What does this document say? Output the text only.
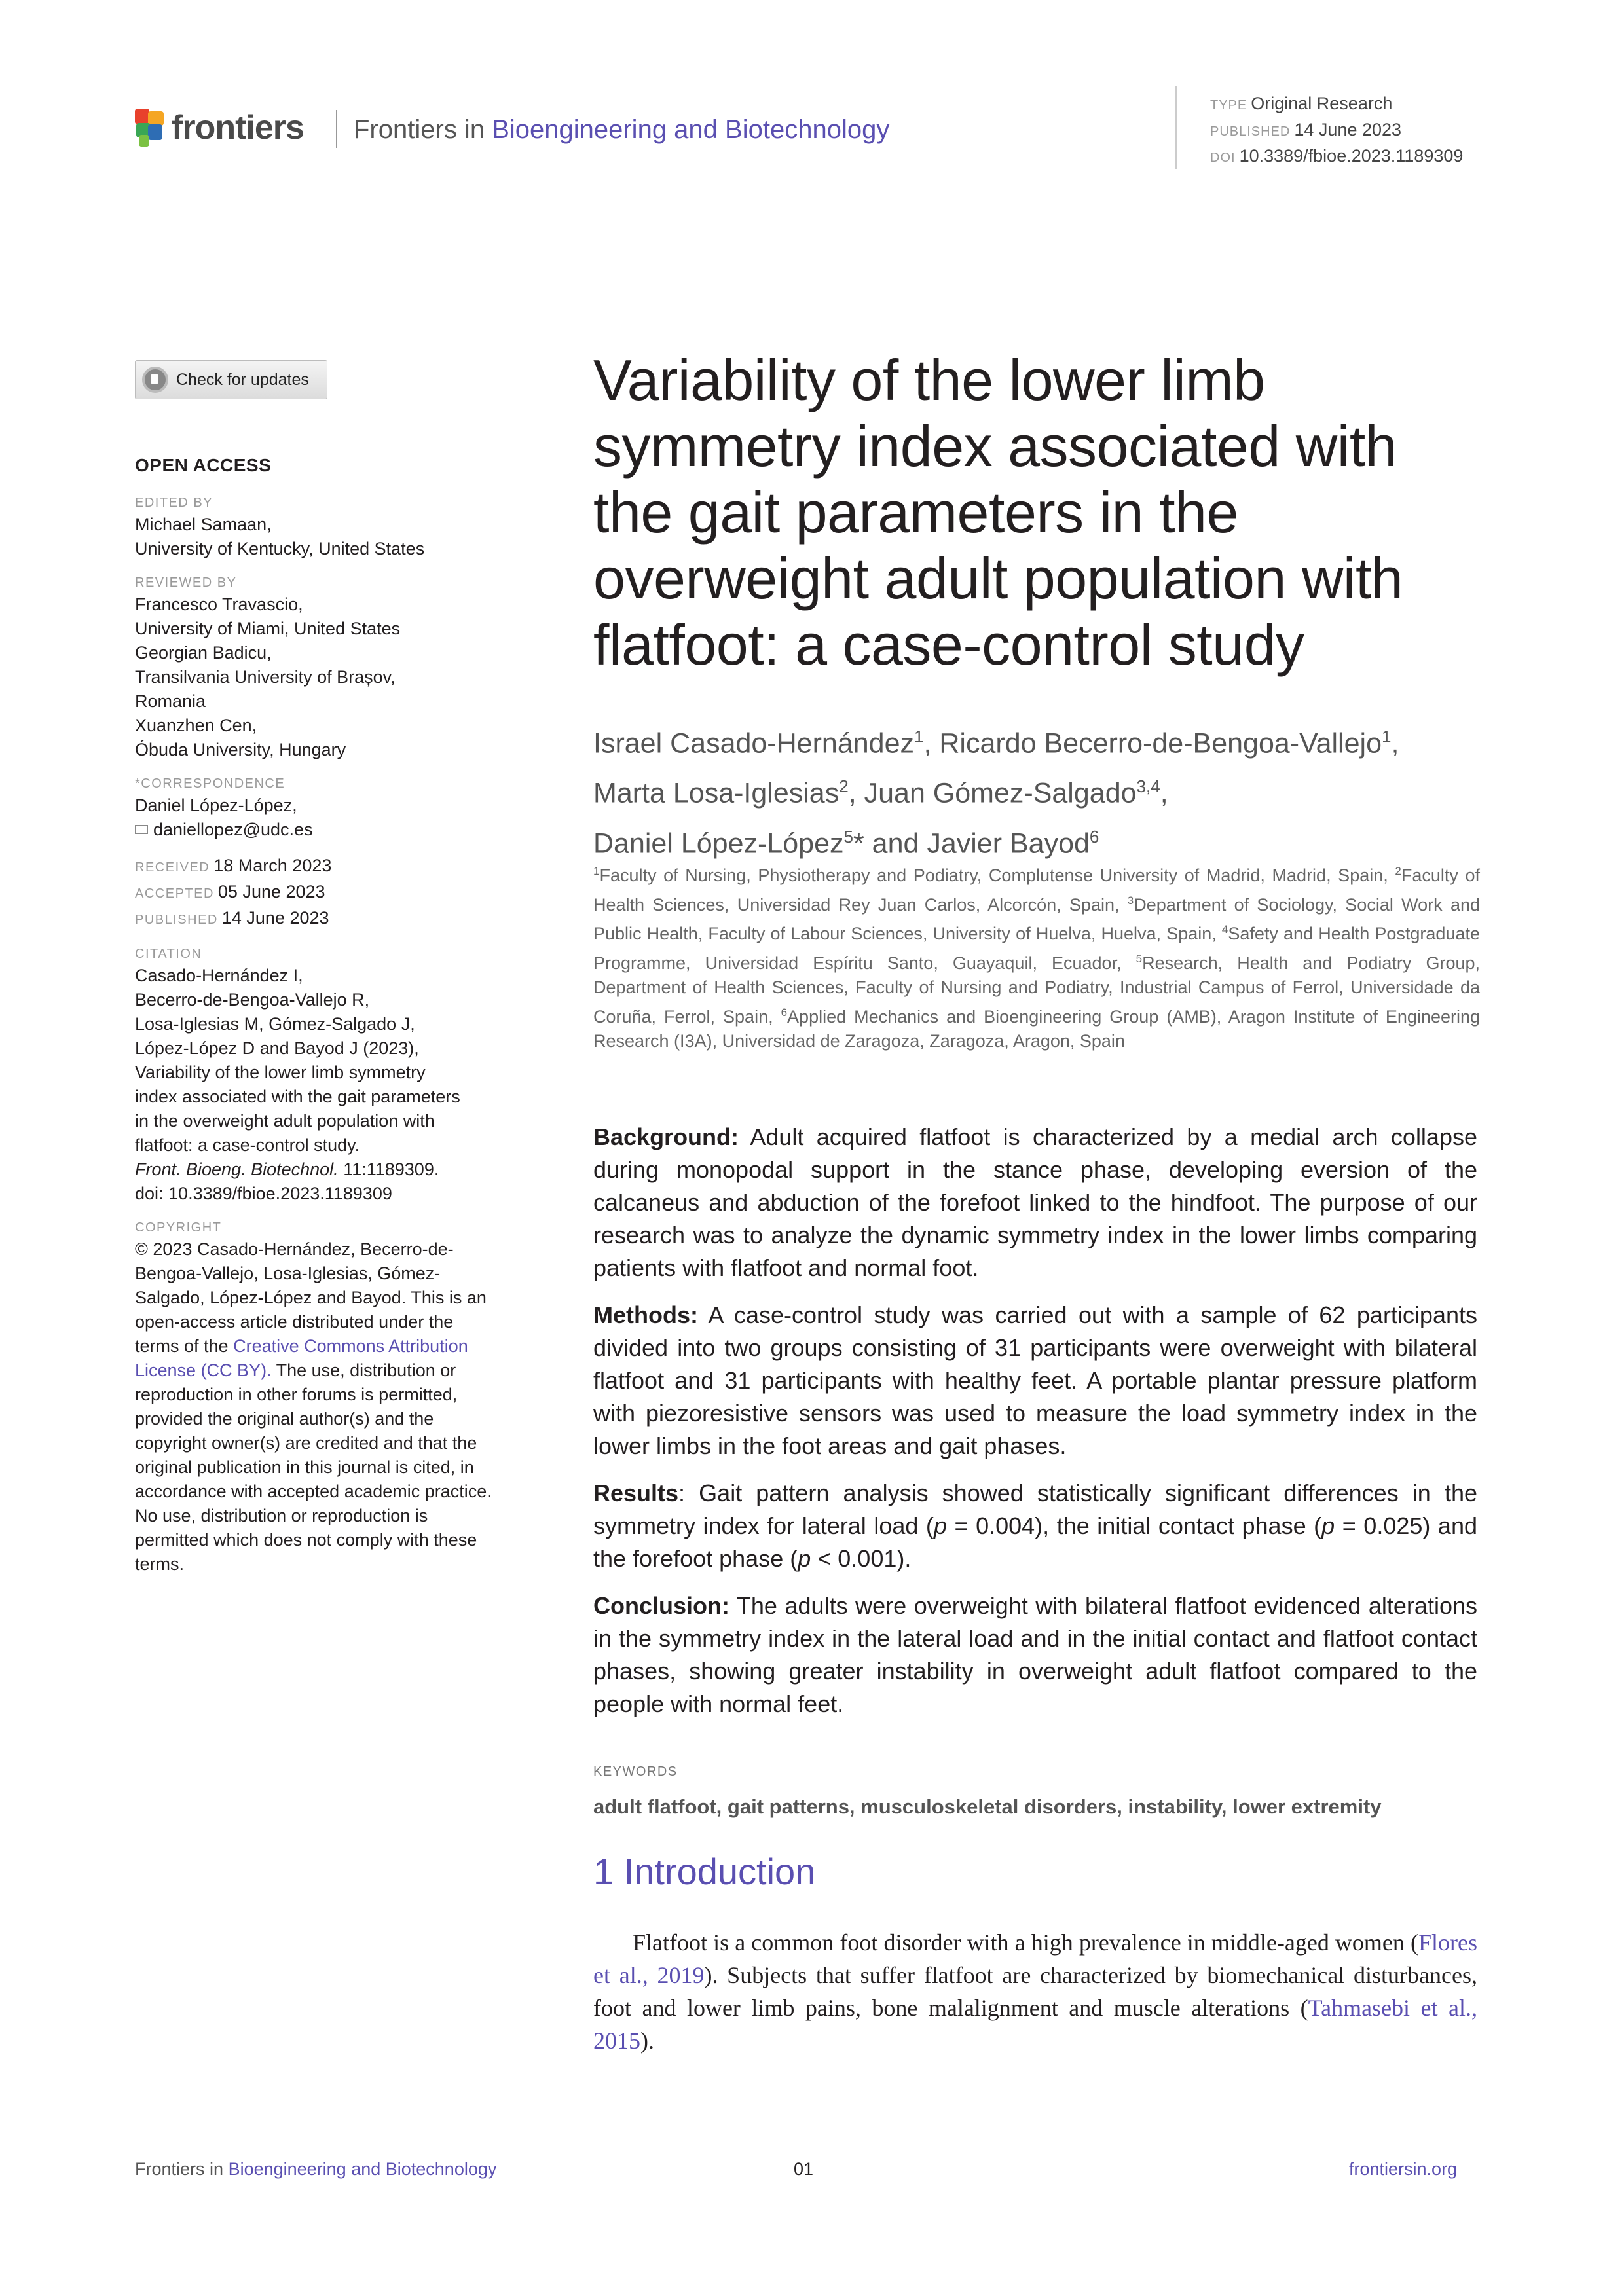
frontiers Frontiers in Bioengineering and Biotechnology
TYPE Original Research
PUBLISHED 14 June 2023
DOI 10.3389/fbioe.2023.1189309
Check for updates
OPEN ACCESS
EDITED BY
Michael Samaan,
University of Kentucky, United States
REVIEWED BY
Francesco Travascio,
University of Miami, United States
Georgian Badicu,
Transilvania University of Brașov,
Romania
Xuanzhen Cen,
Óbuda University, Hungary
*CORRESPONDENCE
Daniel López-López,
daniellopez@udc.es
RECEIVED 18 March 2023
ACCEPTED 05 June 2023
PUBLISHED 14 June 2023
CITATION
Casado-Hernández I,
Becerro-de-Bengoa-Vallejo R,
Losa-Iglesias M, Gómez-Salgado J,
López-López D and Bayod J (2023),
Variability of the lower limb symmetry
index associated with the gait parameters
in the overweight adult population with
flatfoot: a case-control study.
Front. Bioeng. Biotechnol. 11:1189309.
doi: 10.3389/fbioe.2023.1189309
COPYRIGHT
© 2023 Casado-Hernández, Becerro-de-Bengoa-Vallejo, Losa-Iglesias, Gómez-Salgado, López-López and Bayod. This is an open-access article distributed under the terms of the Creative Commons Attribution License (CC BY). The use, distribution or reproduction in other forums is permitted, provided the original author(s) and the copyright owner(s) are credited and that the original publication in this journal is cited, in accordance with accepted academic practice. No use, distribution or reproduction is permitted which does not comply with these terms.
Variability of the lower limb symmetry index associated with the gait parameters in the overweight adult population with flatfoot: a case-control study
Israel Casado-Hernández$^1$, Ricardo Becerro-de-Bengoa-Vallejo$^1$,
Marta Losa-Iglesias$^2$, Juan Gómez-Salgado$^{3,4}$,
Daniel López-López$^5$* and Javier Bayod$^6$
$^1$Faculty of Nursing, Physiotherapy and Podiatry, Complutense University of Madrid, Madrid, Spain, $^2$Faculty of Health Sciences, Universidad Rey Juan Carlos, Alcorcón, Spain, $^3$Department of Sociology, Social Work and Public Health, Faculty of Labour Sciences, University of Huelva, Huelva, Spain, $^4$Safety and Health Postgraduate Programme, Universidad Espíritu Santo, Guayaquil, Ecuador, $^5$Research, Health and Podiatry Group, Department of Health Sciences, Faculty of Nursing and Podiatry, Industrial Campus of Ferrol, Universidade da Coruña, Ferrol, Spain, $^6$Applied Mechanics and Bioengineering Group (AMB), Aragon Institute of Engineering Research (I3A), Universidad de Zaragoza, Zaragoza, Aragon, Spain

Background: Adult acquired flatfoot is characterized by a medial arch collapse during monopodal support in the stance phase, developing eversion of the calcaneus and abduction of the forefoot linked to the hindfoot. The purpose of our research was to analyze the dynamic symmetry index in the lower limbs comparing patients with flatfoot and normal foot.

Methods: A case-control study was carried out with a sample of 62 participants divided into two groups consisting of 31 participants were overweight with bilateral flatfoot and 31 participants with healthy feet. A portable plantar pressure platform with piezoresistive sensors was used to measure the load symmetry index in the lower limbs in the foot areas and gait phases.

Results: Gait pattern analysis showed statistically significant differences in the symmetry index for lateral load (p = 0.004), the initial contact phase (p = 0.025) and the forefoot phase (p < 0.001).

Conclusion: The adults were overweight with bilateral flatfoot evidenced alterations in the symmetry index in the lateral load and in the initial contact and flatfoot contact phases, showing greater instability in overweight adult flatfoot compared to the people with normal feet.

KEYWORDS
adult flatfoot, gait patterns, musculoskeletal disorders, instability, lower extremity
1 Introduction
Flatfoot is a common foot disorder with a high prevalence in middle-aged women (Flores et al., 2019). Subjects that suffer flatfoot are characterized by biomechanical disturbances, foot and lower limb pains, bone malalignment and muscle alterations (Tahmasebi et al., 2015).
Frontiers in Bioengineering and Biotechnology	01	frontiersin.org
